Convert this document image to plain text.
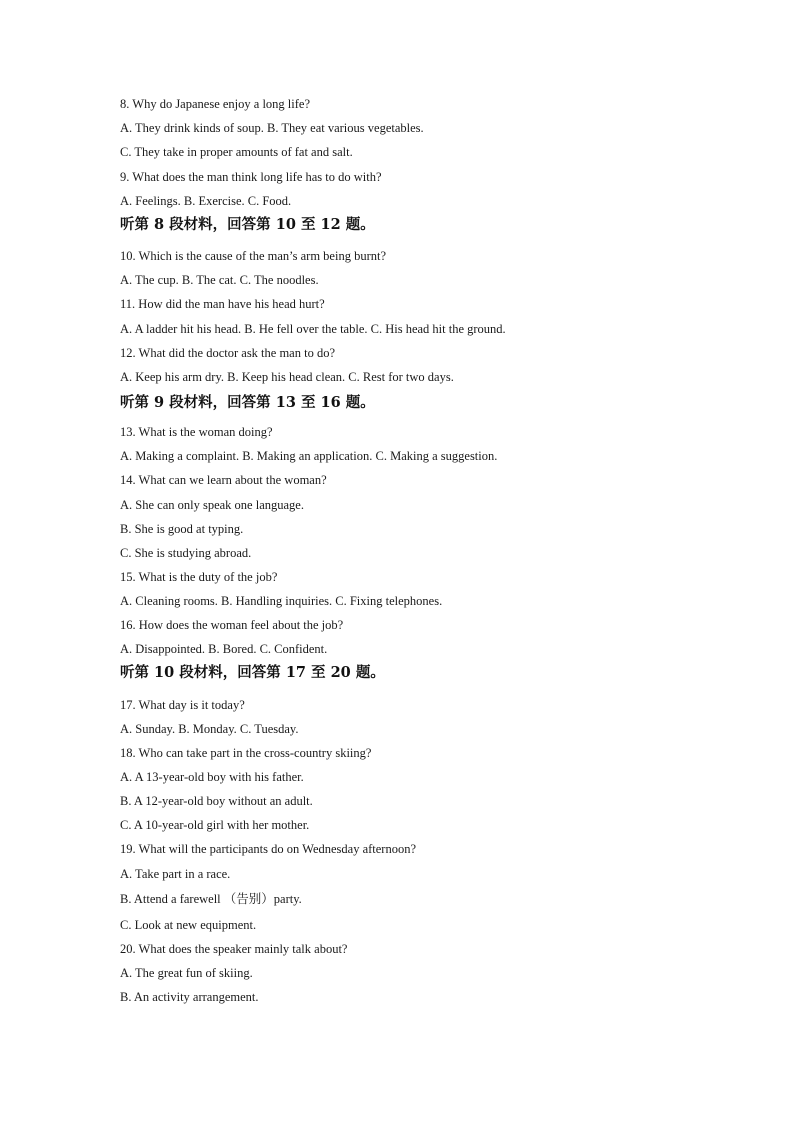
8. Why do Japanese enjoy a long life?
A. They drink kinds of soup. B. They eat various vegetables.
C. They take in proper amounts of fat and salt.
9. What does the man think long life has to do with?
A. Feelings. B. Exercise. C. Food.
听第 8 段材料，回答第 10 至 12 题。
10. Which is the cause of the man’s arm being burnt?
A. The cup. B. The cat. C. The noodles.
11. How did the man have his head hurt?
A. A ladder hit his head. B. He fell over the table. C. His head hit the ground.
12. What did the doctor ask the man to do?
A. Keep his arm dry. B. Keep his head clean. C. Rest for two days.
听第 9 段材料，回答第 13 至 16 题。
13. What is the woman doing?
A. Making a complaint. B. Making an application. C. Making a suggestion.
14. What can we learn about the woman?
A. She can only speak one language.
B. She is good at typing.
C. She is studying abroad.
15. What is the duty of the job?
A. Cleaning rooms. B. Handling inquiries. C. Fixing telephones.
16. How does the woman feel about the job?
A. Disappointed. B. Bored. C. Confident.
听第 10 段材料，回答第 17 至 20 题。
17. What day is it today?
A. Sunday. B. Monday. C. Tuesday.
18. Who can take part in the cross-country skiing?
A. A 13-year-old boy with his father.
B. A 12-year-old boy without an adult.
C. A 10-year-old girl with her mother.
19. What will the participants do on Wednesday afternoon?
A. Take part in a race.
B. Attend a farewell （告别）party.
C. Look at new equipment.
20. What does the speaker mainly talk about?
A. The great fun of skiing.
B. An activity arrangement.
